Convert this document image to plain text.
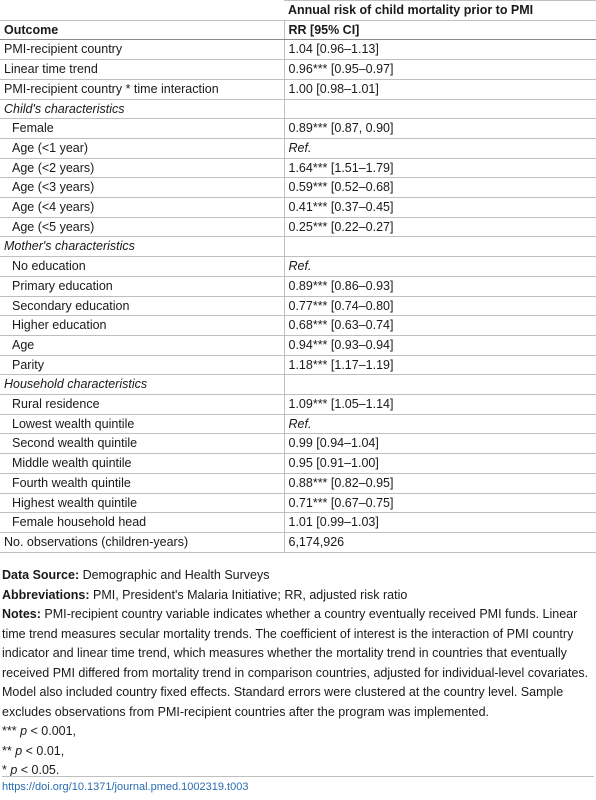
	Annual risk of child mortality prior to PMI
Outcome	RR [95% CI]
PMI-recipient country	1.04 [0.96–1.13]
Linear time trend	0.96*** [0.95–0.97]
PMI-recipient country * time interaction	1.00 [0.98–1.01]
Child's characteristics	
Female	0.89*** [0.87, 0.90]
Age (<1 year)	Ref.
Age (<2 years)	1.64*** [1.51–1.79]
Age (<3 years)	0.59*** [0.52–0.68]
Age (<4 years)	0.41*** [0.37–0.45]
Age (<5 years)	0.25*** [0.22–0.27]
Mother's characteristics	
No education	Ref.
Primary education	0.89*** [0.86–0.93]
Secondary education	0.77*** [0.74–0.80]
Higher education	0.68*** [0.63–0.74]
Age	0.94*** [0.93–0.94]
Parity	1.18*** [1.17–1.19]
Household characteristics	
Rural residence	1.09*** [1.05–1.14]
Lowest wealth quintile	Ref.
Second wealth quintile	0.99 [0.94–1.04]
Middle wealth quintile	0.95 [0.91–1.00]
Fourth wealth quintile	0.88*** [0.82–0.95]
Highest wealth quintile	0.71*** [0.67–0.75]
Female household head	1.01 [0.99–1.03]
No. observations (children-years)	6,174,926

Data Source: Demographic and Health Surveys

Abbreviations: PMI, President's Malaria Initiative; RR, adjusted risk ratio

Notes: PMI-recipient country variable indicates whether a country eventually received PMI funds. Linear time trend measures secular mortality trends. The coefficient of interest is the interaction of PMI country indicator and linear time trend, which measures whether the mortality trend in countries that eventually received PMI differed from mortality trend in comparison countries, adjusted for individual-level covariates. Model also included country fixed effects. Standard errors were clustered at the country level. Sample excludes observations from PMI-recipient countries after the program was implemented.

*** p < 0.001,

** p < 0.01,

* p < 0.05.

https://doi.org/10.1371/journal.pmed.1002319.t003
